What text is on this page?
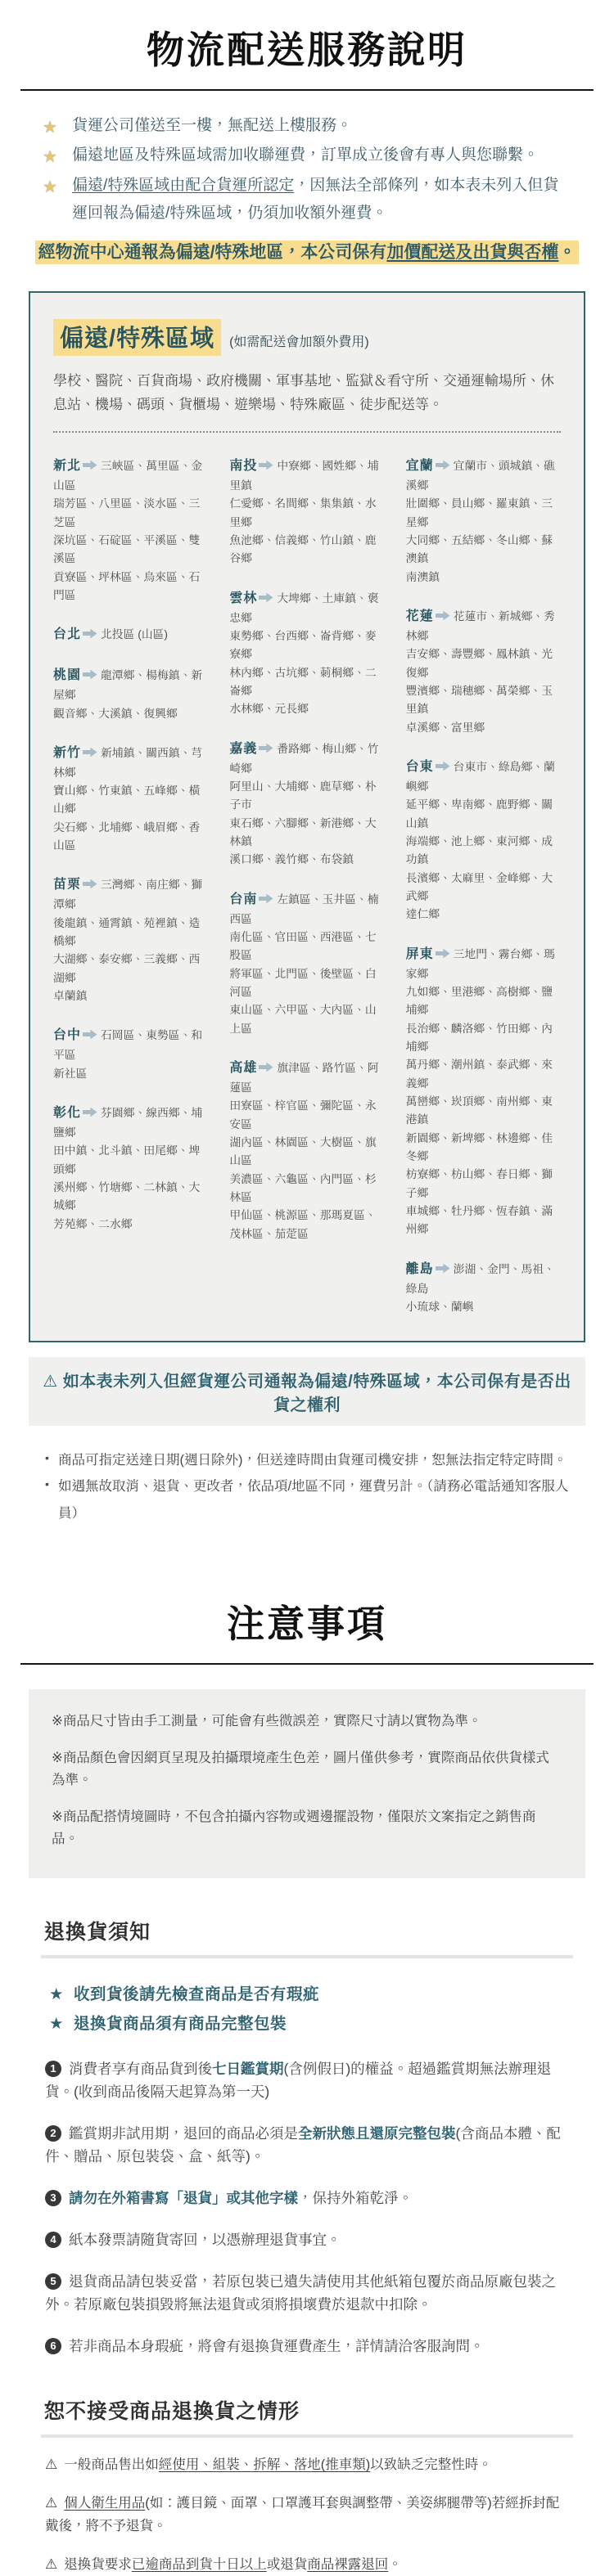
物流配送服務說明
★ 貨運公司僅送至一樓，無配送上樓服務。
★ 偏遠地區及特殊區域需加收聯運費，訂單成立後會有專人與您聯繫。
★ 偏遠/特殊區域由配合貨運所認定，因無法全部條列，如本表未列入但貨運回報為偏遠/特殊區域，仍須加收額外運費。
經物流中心通報為偏遠/特殊地區，本公司保有加價配送及出貨與否權。
偏遠/特殊區域	(如需配送會加額外費用)

學校、醫院、百貨商場、政府機關、軍事基地、監獄＆看守所、交通運輸場所、休息站、機場、碼頭、貨櫃場、遊樂場、特殊廠區、徒步配送等。

新北 三峽區、萬里區、金山區
瑞芳區、八里區、淡水區、三芝區
深坑區、石碇區、平溪區、雙溪區
貢寮區、坪林區、烏來區、石門區
台北 北投區 (山區)
桃園 龍潭鄉、楊梅鎮、新屋鄉
觀音鄉、大溪鎮、復興鄉
新竹 新埔鎮、關西鎮、芎林鄉
寶山鄉、竹東鎮、五峰鄉、橫山鄉
尖石鄉、北埔鄉、峨眉鄉、香山區
苗栗 三灣鄉、南庄鄉、獅潭鄉
後龍鎮、通霄鎮、苑裡鎮、造橋鄉
大湖鄉、泰安鄉、三義鄉、西湖鄉
卓蘭鎮
台中 石岡區、東勢區、和平區
新社區
彰化 芬園鄉、線西鄉、埔鹽鄉
田中鎮、北斗鎮、田尾鄉、埤頭鄉
溪州鄉、竹塘鄉、二林鎮、大城鄉
芳苑鄉、二水鄉
南投 中寮鄉、國姓鄉、埔里鎮
仁愛鄉、名間鄉、集集鎮、水里鄉
魚池鄉、信義鄉、竹山鎮、鹿谷鄉
雲林 大埤鄉、土庫鎮、褒忠鄉
東勢鄉、台西鄉、崙背鄉、麥寮鄉
林內鄉、古坑鄉、莿桐鄉、二崙鄉
水林鄉、元長鄉
嘉義 番路鄉、梅山鄉、竹崎鄉
阿里山、大埔鄉、鹿草鄉、朴子市
東石鄉、六腳鄉、新港鄉、大林鎮
溪口鄉、義竹鄉、布袋鎮
台南 左鎮區、玉井區、楠西區
南化區、官田區、西港區、七股區
將軍區、北門區、後壁區、白河區
東山區、六甲區、大內區、山上區
高雄 旗津區、路竹區、阿蓮區
田寮區、梓官區、彌陀區、永安區
湖內區、林園區、大樹區、旗山區
美濃區、六龜區、內門區、杉林區
甲仙區、桃源區、那瑪夏區、
茂林區、茄萣區
宜蘭 宜蘭市、頭城鎮、礁溪鄉
壯圍鄉、員山鄉、羅東鎮、三星鄉
大同鄉、五結鄉、冬山鄉、蘇澳鎮
南澳鎮
花蓮 花蓮市、新城鄉、秀林鄉
吉安鄉、壽豐鄉、鳳林鎮、光復鄉
豐濱鄉、瑞穗鄉、萬榮鄉、玉里鎮
卓溪鄉、富里鄉
台東 台東市、綠島鄉、蘭嶼鄉
延平鄉、卑南鄉、鹿野鄉、關山鎮
海端鄉、池上鄉、東河鄉、成功鎮
長濱鄉、太麻里、金峰鄉、大武鄉
達仁鄉
屏東 三地門、霧台鄉、瑪家鄉
九如鄉、里港鄉、高樹鄉、鹽埔鄉
長治鄉、麟洛鄉、竹田鄉、內埔鄉
萬丹鄉、潮州鎮、泰武鄉、來義鄉
萬巒鄉、崁頂鄉、南州鄉、東港鎮
新園鄉、新埤鄉、林邊鄉、佳冬鄉
枋寮鄉、枋山鄉、春日鄉、獅子鄉
車城鄉、牡丹鄉、恆春鎮、滿州鄉
離島 澎湖、金門、馬祖、綠島
小琉球、蘭嶼
⚠ 如本表未列入但經貨運公司通報為偏遠/特殊區域，本公司保有是否出貨之權利
• 商品可指定送達日期(週日除外)，但送達時間由貨運司機安排，恕無法指定特定時間。
• 如遇無故取消、退貨、更改者，依品項/地區不同，運費另計。（請務必電話通知客服人員）
注意事項

※商品尺寸皆由手工測量，可能會有些微誤差，實際尺寸請以實物為準。

※商品顏色會因網頁呈現及拍攝環境產生色差，圖片僅供參考，實際商品依供貨樣式為準。

※商品配搭情境圖時，不包含拍攝內容物或週邊擺設物，僅限於文案指定之銷售商品。

退換貨須知
★ 收到貨後請先檢查商品是否有瑕疵
★ 退換貨商品須有商品完整包裝
1 消費者享有商品貨到後七日鑑賞期(含例假日)的權益。超過鑑賞期無法辦理退貨。(收到商品後隔天起算為第一天)
2 鑑賞期非試用期，退回的商品必須是全新狀態且還原完整包裝(含商品本體、配件、贈品、原包裝袋、盒、紙等)。
3 請勿在外箱書寫「退貨」或其他字樣，保持外箱乾淨。
4 紙本發票請隨貨寄回，以憑辦理退貨事宜。
5 退貨商品請包裝妥當，若原包裝已遺失請使用其他紙箱包覆於商品原廠包裝之外。若原廠包裝損毀將無法退貨或須將損壞費於退款中扣除。
6 若非商品本身瑕疵，將會有退換貨運費產生，詳情請洽客服詢問。
恕不接受商品退換貨之情形
⚠ 一般商品售出如經使用、組裝、拆解、落地(推車類)以致缺乏完整性時。
⚠ 個人衛生用品(如：護目鏡、面罩、口罩護耳套與調整帶、美姿綁腿帶等)若經拆封配戴後，將不予退貨。
⚠ 退換貨要求已逾商品到貨十日以上或退貨商品裸露退回。
